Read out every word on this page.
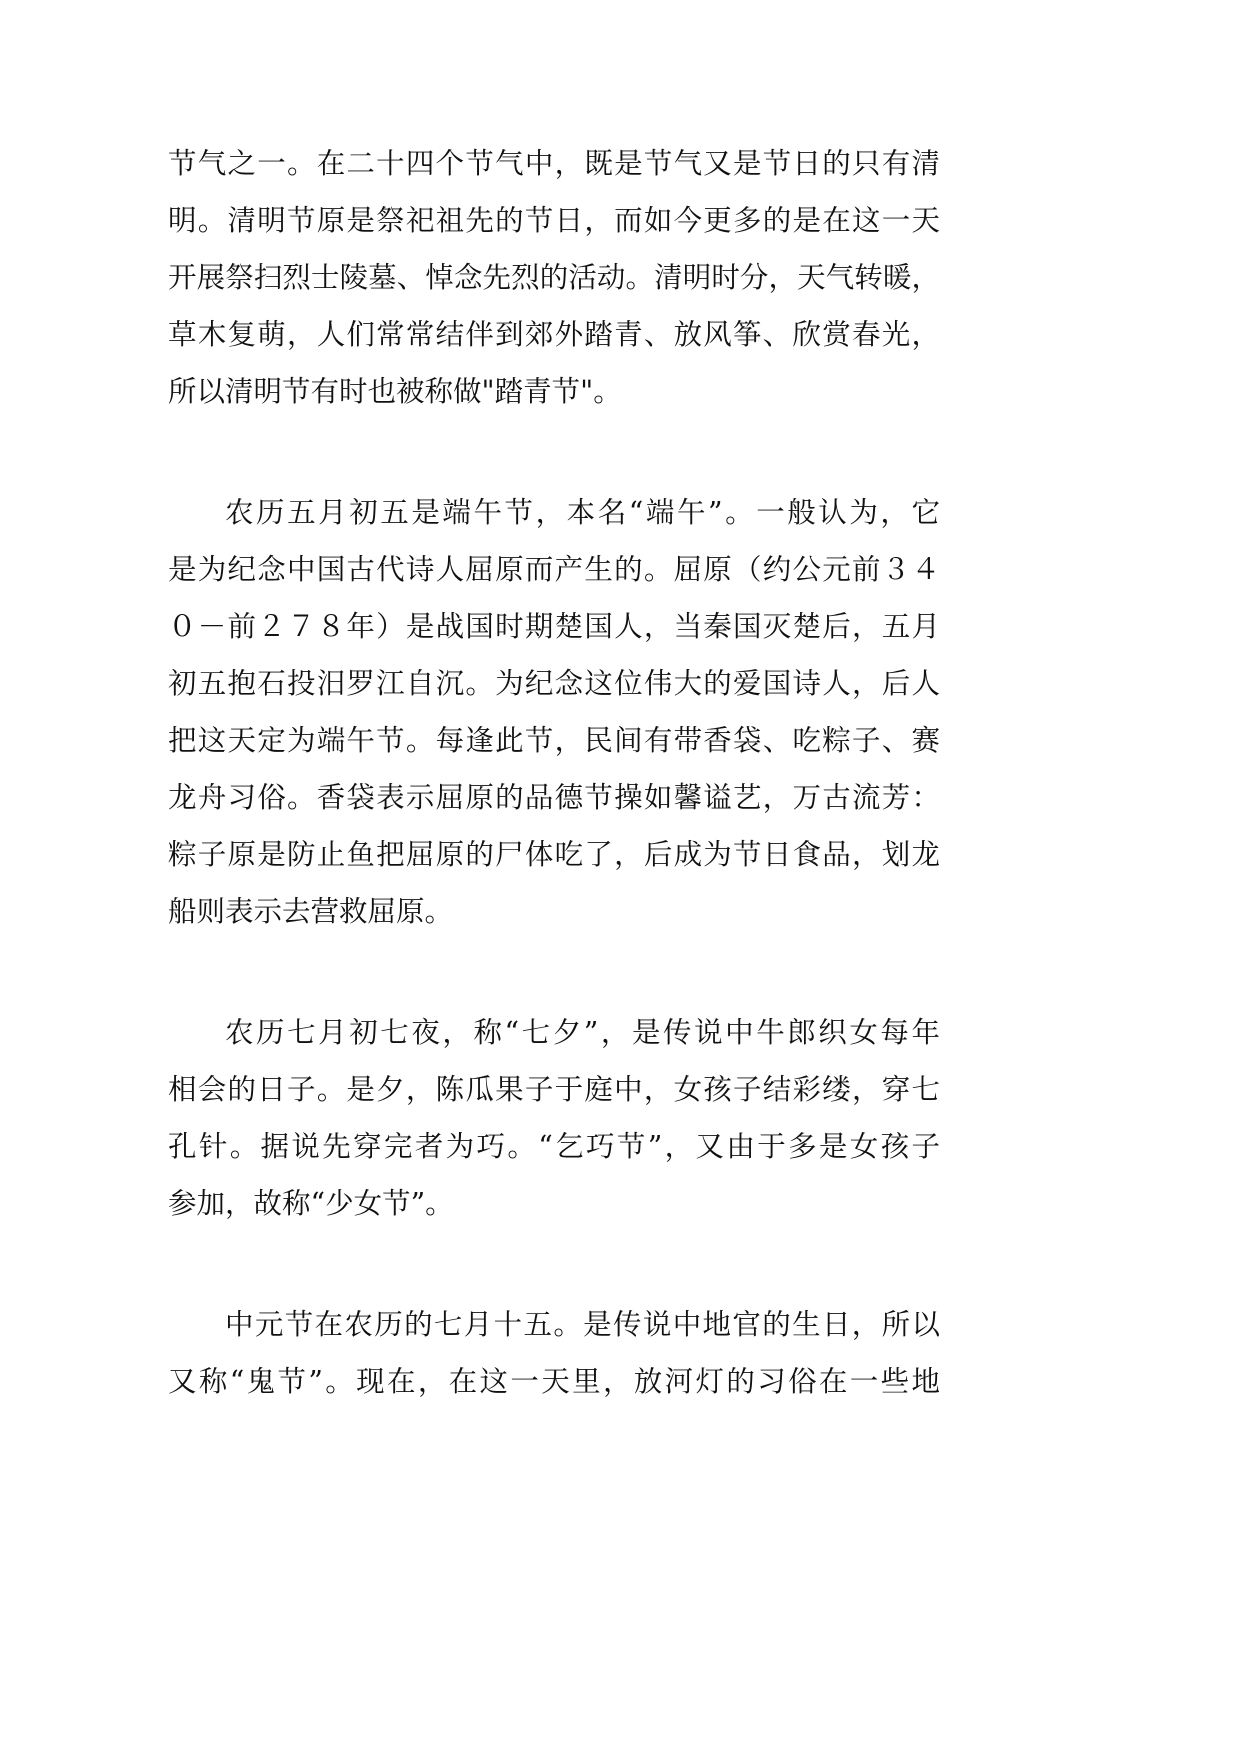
节气之一。在二十四个节气中，既是节气又是节日的只有清
明。清明节原是祭祀祖先的节日，而如今更多的是在这一天
开展祭扫烈士陵墓、悼念先烈的活动。清明时分，天气转暖，
草木复萌，人们常常结伴到郊外踏青、放风筝、欣赏春光，
所以清明节有时也被称做"踏青节"。
农历五月初五是端午节，本名“端午”。一般认为，它
是为纪念中国古代诗人屈原而产生的。屈原（约公元前３４
０－前２７８年）是战国时期楚国人，当秦国灭楚后，五月
初五抱石投汨罗江自沉。为纪念这位伟大的爱国诗人，后人
把这天定为端午节。每逢此节，民间有带香袋、吃粽子、赛
龙舟习俗。香袋表示屈原的品德节操如馨谥艺，万古流芳：
粽子原是防止鱼把屈原的尸体吃了，后成为节日食品，划龙
船则表示去营救屈原。
农历七月初七夜，称“七夕”，是传说中牛郎织女每年
相会的日子。是夕，陈瓜果子于庭中，女孩子结彩缕，穿七
孔针。据说先穿完者为巧。“乞巧节”，又由于多是女孩子
参加，故称“少女节”。
中元节在农历的七月十五。是传说中地官的生日，所以
又称“鬼节”。现在，在这一天里，放河灯的习俗在一些地
